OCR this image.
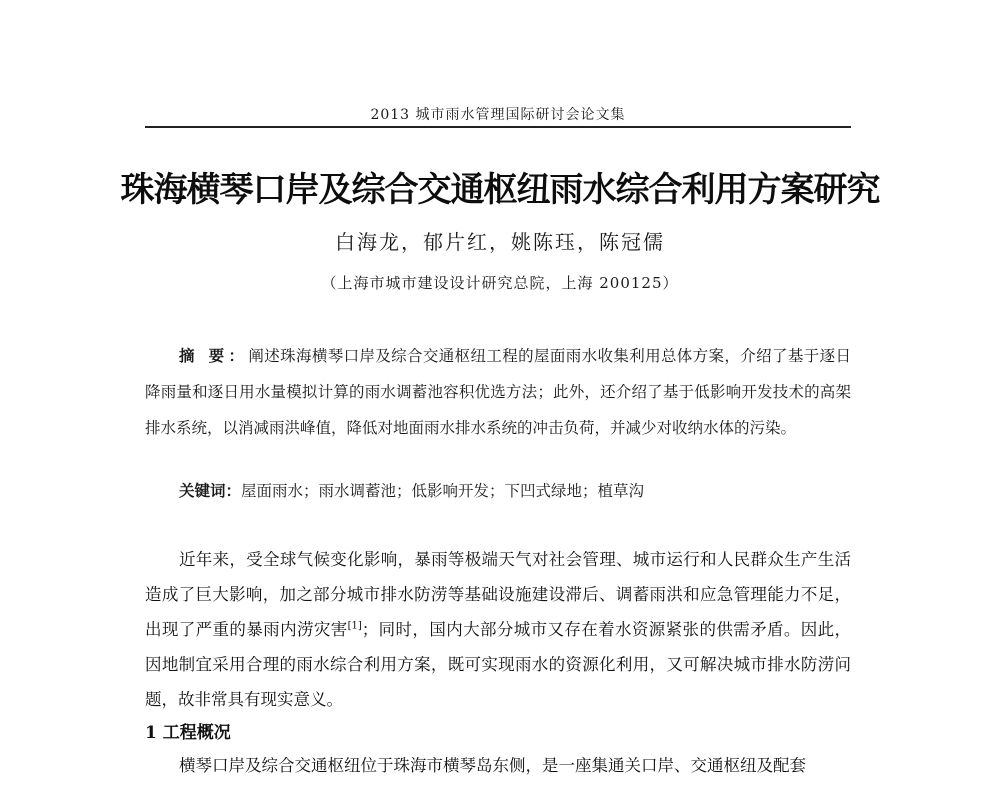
2013 城市雨水管理国际研讨会论文集
珠海横琴口岸及综合交通枢纽雨水综合利用方案研究
白海龙，郁片红，姚陈珏，陈冠儒
（上海市城市建设设计研究总院，上海 200125）

摘 要：阐述珠海横琴口岸及综合交通枢纽工程的屋面雨水收集利用总体方案，介绍了基于逐日降雨量和逐日用水量模拟计算的雨水调蓄池容积优选方法；此外，还介绍了基于低影响开发技术的高架排水系统，以消减雨洪峰值，降低对地面雨水排水系统的冲击负荷，并减少对收纳水体的污染。

关键词：屋面雨水；雨水调蓄池；低影响开发；下凹式绿地；植草沟

近年来，受全球气候变化影响，暴雨等极端天气对社会管理、城市运行和人民群众生产生活造成了巨大影响，加之部分城市排水防涝等基础设施建设滞后、调蓄雨洪和应急管理能力不足，出现了严重的暴雨内涝灾害[1]；同时，国内大部分城市又存在着水资源紧张的供需矛盾。因此，因地制宜采用合理的雨水综合利用方案，既可实现雨水的资源化利用，又可解决城市排水防涝问题，故非常具有现实意义。

1 工程概况

横琴口岸及综合交通枢纽位于珠海市横琴岛东侧，是一座集通关口岸、交通枢纽及配套
